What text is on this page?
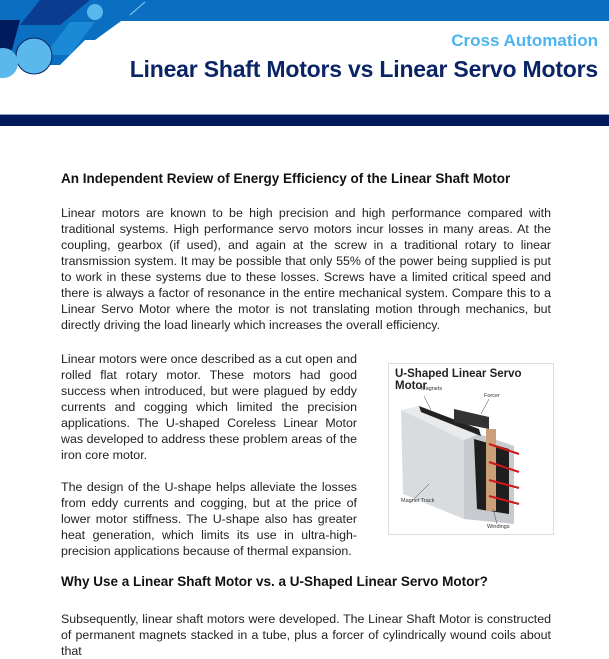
Cross Automation
Linear Shaft Motors vs Linear Servo Motors
An Independent Review of Energy Efficiency of the Linear Shaft Motor

Linear motors are known to be high precision and high performance compared with traditional systems. High performance servo motors incur losses in many areas. At the coupling, gearbox (if used), and again at the screw in a traditional rotary to linear transmission system. It may be possible that only 55% of the power being supplied is put to work in these systems due to these losses. Screws have a limited critical speed and there is always a factor of resonance in the entire mechanical system. Compare this to a Linear Servo Motor where the motor is not translating motion through mechanics, but directly driving the load linearly which increases the overall efficiency.

Linear motors were once described as a cut open and rolled flat rotary motor. These motors had good success when introduced, but were plagued by eddy currents and cogging which limited the precision applications. The U-shaped Coreless Linear Motor was developed to address these problem areas of the iron core motor.

The design of the U-shape helps alleviate the losses from eddy currents and cogging, but at the price of lower motor stiffness. The U-shape also has greater heat generation, which limits its use in ultra-high-precision applications because of thermal expansion.

U-Shaped Linear Servo Motor
Magnets
Forcer
Magnet Track
Windings
Why Use a Linear Shaft Motor vs. a U-Shaped Linear Servo Motor?

Subsequently, linear shaft motors were developed. The Linear Shaft Motor is constructed of permanent magnets stacked in a tube, plus a forcer of cylindrically wound coils about that
